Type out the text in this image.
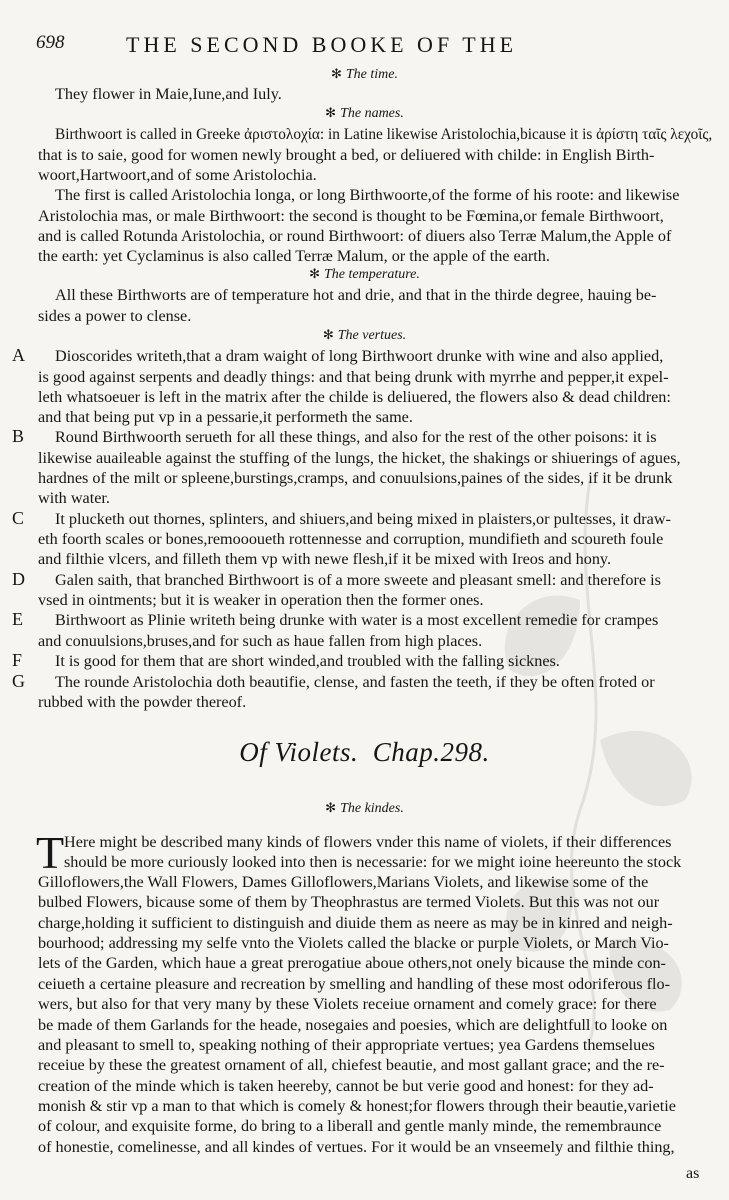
698	THE SECOND BOOKE OF THE
✻ The time.
They flower in Maie,Iune,and Iuly.
✻ The names.
Birthwoort is called in Greeke ἀριστολοχία: in Latine likewise Aristolochia,bicause it is ἀρίστη ταῖς λεχοῖς,
that is to saie, good for women newly brought a bed, or deliuered with childe: in English Birth-
woort,Hartwoort,and of some Aristolochia.
The first is called Aristolochia longa, or long Birthwoorte,of the forme of his roote: and likewise
Aristolochia mas, or male Birthwoort: the second is thought to be Fœmina,or female Birthwoort,
and is called Rotunda Aristolochia, or round Birthwoort: of diuers also Terræ Malum,the Apple of
the earth: yet Cyclaminus is also called Terræ Malum, or the apple of the earth.
✻ The temperature.
All these Birthworts are of temperature hot and drie, and that in the thirde degree, hauing be-
sides a power to clense.
✻ The vertues.
Dioscorides writeth,that a dram waight of long Birthwoort drunke with wine and also applied,
A
is good against serpents and deadly things: and that being drunk with myrrhe and pepper,it expel-
leth whatsoeuer is left in the matrix after the childe is deliuered, the flowers also & dead children:
and that being put vp in a pessarie,it performeth the same.
Round Birthwoorth serueth for all these things, and also for the rest of the other poisons: it is
B
likewise auaileable against the stuffing of the lungs, the hicket, the shakings or shiuerings of agues,
hardnes of the milt or spleene,burstings,cramps, and conuulsions,paines of the sides, if it be drunk
with water.
It plucketh out thornes, splinters, and shiuers,and being mixed in plaisters,or pultesses, it draw-
C
eth foorth scales or bones,remoooueth rottennesse and corruption, mundifieth and scoureth foule
and filthie vlcers, and filleth them vp with newe flesh,if it be mixed with Ireos and hony.
Galen saith, that branched Birthwoort is of a more sweete and pleasant smell: and therefore is
D
vsed in ointments; but it is weaker in operation then the former ones.
Birthwoort as Plinie writeth being drunke with water is a most excellent remedie for crampes
E
and conuulsions,bruses,and for such as haue fallen from high places.
It is good for them that are short winded,and troubled with the falling sicknes.
F
The rounde Aristolochia doth beautifie, clense, and fasten the teeth, if they be often froted or
G
rubbed with the powder thereof.
Of Violets. Chap.298.
✻ The kindes.
T Here might be described many kinds of flowers vnder this name of violets, if their differences
should be more curiously looked into then is necessarie: for we might ioine heereunto the stock
Gilloflowers,the Wall Flowers, Dames Gilloflowers,Marians Violets, and likewise some of the
bulbed Flowers, bicause some of them by Theophrastus are termed Violets. But this was not our
charge,holding it sufficient to distinguish and diuide them as neere as may be in kinred and neigh-
bourhood; addressing my selfe vnto the Violets called the blacke or purple Violets, or March Vio-
lets of the Garden, which haue a great prerogatiue aboue others,not onely bicause the minde con-
ceiueth a certaine pleasure and recreation by smelling and handling of these most odoriferous flo-
wers, but also for that very many by these Violets receiue ornament and comely grace: for there
be made of them Garlands for the heade, nosegaies and poesies, which are delightfull to looke on
and pleasant to smell to, speaking nothing of their appropriate vertues; yea Gardens themselues
receiue by these the greatest ornament of all, chiefest beautie, and most gallant grace; and the re-
creation of the minde which is taken heereby, cannot be but verie good and honest: for they ad-
monish & stir vp a man to that which is comely & honest;for flowers through their beautie,varietie
of colour, and exquisite forme, do bring to a liberall and gentle manly minde, the remembraunce
of honestie, comelinesse, and all kindes of vertues. For it would be an vnseemely and filthie thing,
as
